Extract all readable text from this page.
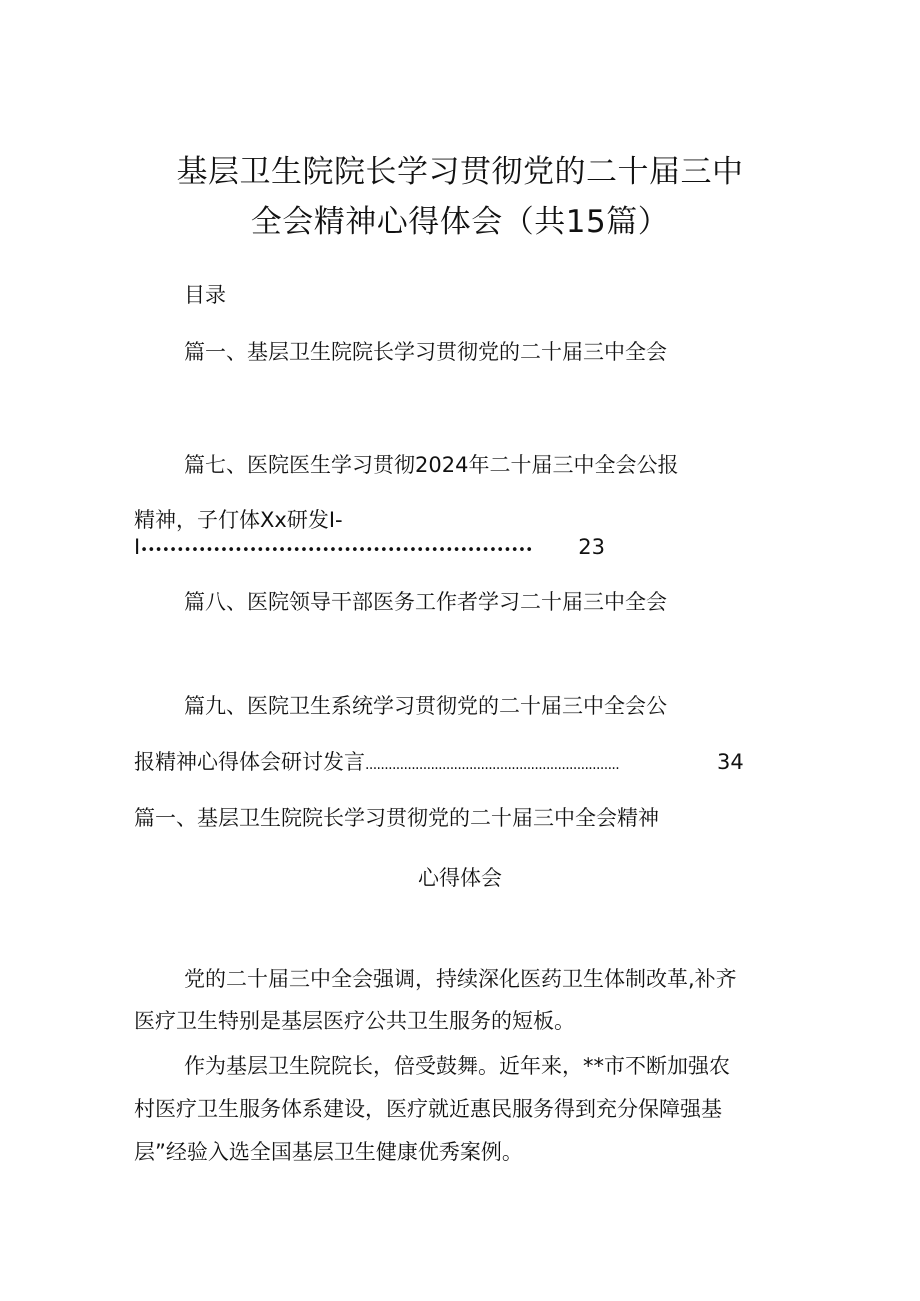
基层卫生院院长学习贯彻党的二十届三中
全会精神心得体会（共15篇）
目录
篇一、基层卫生院院长学习贯彻党的二十届三中全会
篇七、医院医生学习贯彻2024年二十届三中全会公报
精神，子仃体Xx研发I-
I ••••••••••••••••••••••••••••••••••••••••••••••••••••••	23
篇八、医院领导干部医务工作者学习二十届三中全会
篇九、医院卫生系统学习贯彻党的二十届三中全会公
报精神心得体会研讨发言 ..................................................................	34
篇一、基层卫生院院长学习贯彻党的二十届三中全会精神
心得体会
党的二十届三中全会强调，持续深化医药卫生体制改革,补齐
医疗卫生特别是基层医疗公共卫生服务的短板。
作为基层卫生院院长，倍受鼓舞。近年来，**市不断加强农
村医疗卫生服务体系建设，医疗就近惠民服务得到充分保障强基
层”经验入选全国基层卫生健康优秀案例。
